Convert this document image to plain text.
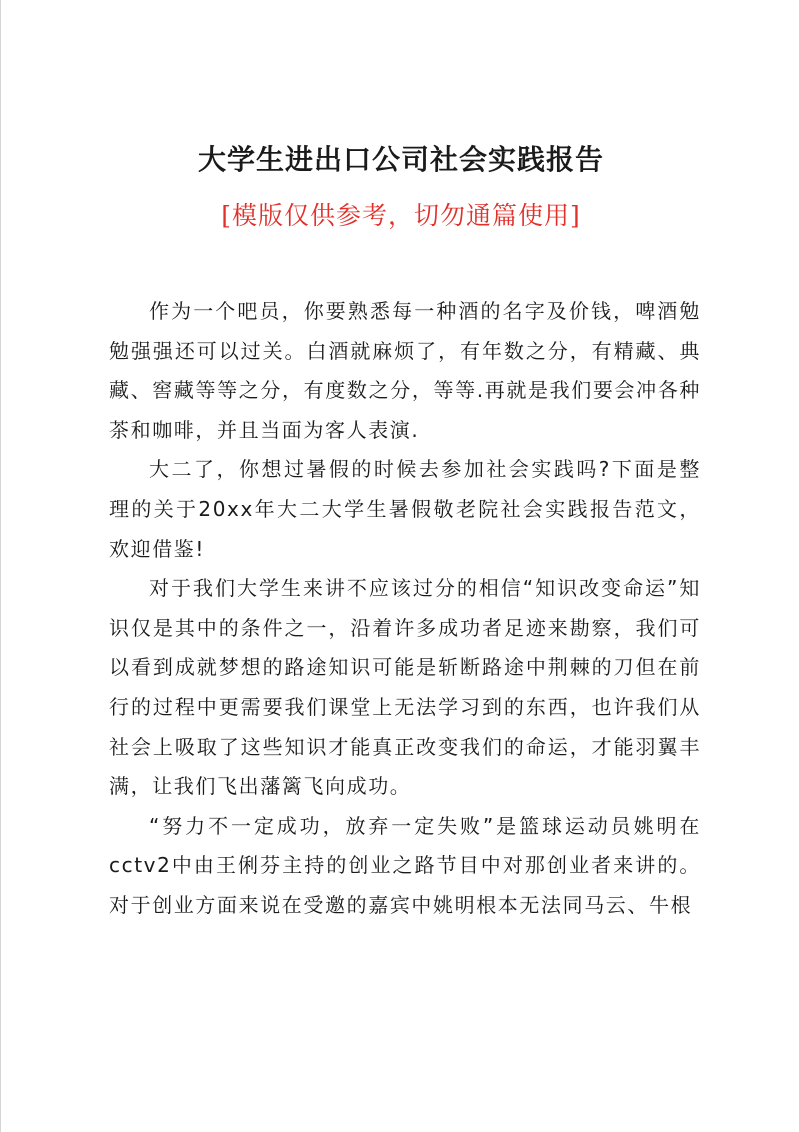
大学生进出口公司社会实践报告
[模版仅供参考，切勿通篇使用]

作为一个吧员，你要熟悉每一种酒的名字及价钱，啤酒勉勉强强还可以过关。白酒就麻烦了，有年数之分，有精藏、典藏、窖藏等等之分，有度数之分，等等.再就是我们要会冲各种茶和咖啡，并且当面为客人表演.

大二了，你想过暑假的时候去参加社会实践吗?下面是整理的关于20xx年大二大学生暑假敬老院社会实践报告范文，欢迎借鉴!

对于我们大学生来讲不应该过分的相信“知识改变命运”知识仅是其中的条件之一，沿着许多成功者足迹来勘察，我们可以看到成就梦想的路途知识可能是斩断路途中荆棘的刀但在前行的过程中更需要我们课堂上无法学习到的东西，也许我们从社会上吸取了这些知识才能真正改变我们的命运，才能羽翼丰满，让我们飞出藩篱飞向成功。

“努力不一定成功，放弃一定失败”是篮球运动员姚明在cctv2中由王俐芬主持的创业之路节目中对那创业者来讲的。对于创业方面来说在受邀的嘉宾中姚明根本无法同马云、牛根
